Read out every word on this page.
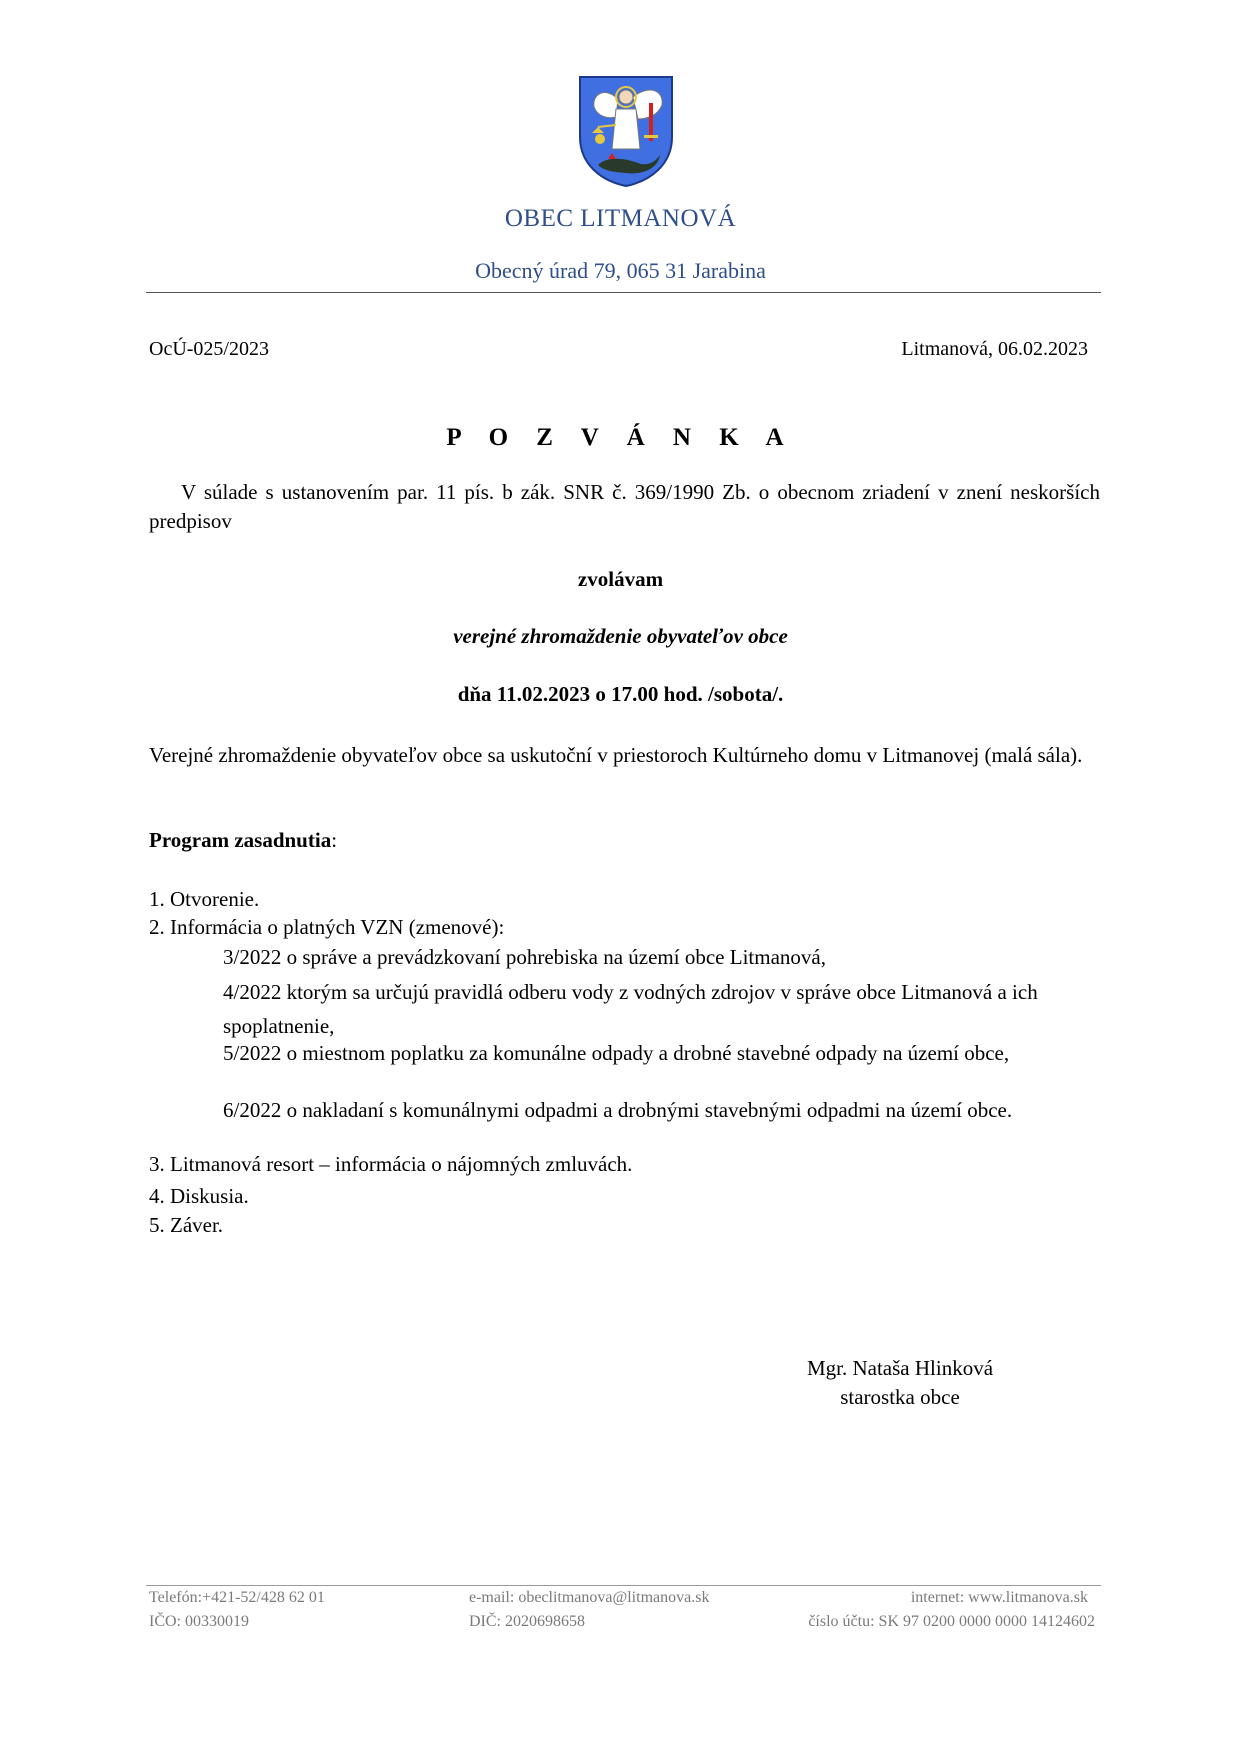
OBEC LITMANOVÁ
Obecný úrad 79, 065 31 Jarabina
OcÚ-025/2023	Litmanová, 06.02.2023
P O Z V Á N K A
V súlade s ustanovením par. 11 pís. b zák. SNR č. 369/1990 Zb. o obecnom zriadení v znení neskorších predpisov
zvolávam
verejné zhromaždenie obyvateľov obce
dňa 11.02.2023 o 17.00 hod. /sobota/.
Verejné zhromaždenie obyvateľov obce sa uskutoční v priestoroch Kultúrneho domu v Litmanovej (malá sála).
Program zasadnutia:
1. Otvorenie.
2. Informácia o platných VZN (zmenové):
3/2022 o správe a prevádzkovaní pohrebiska na území obce Litmanová,
4/2022 ktorým sa určujú pravidlá odberu vody z vodných zdrojov v správe obce Litmanová a ich spoplatnenie,
5/2022 o miestnom poplatku za komunálne odpady a drobné stavebné odpady na území obce,
6/2022 o nakladaní s komunálnymi odpadmi a drobnými stavebnými odpadmi na území obce.
3. Litmanová resort – informácia o nájomných zmluvách.
4. Diskusia.
5. Záver.
Mgr. Nataša Hlinková
starostka obce
Telefón:+421-52/428 62 01	e-mail: obeclitmanova@litmanova.sk	internet: www.litmanova.sk
IČO: 00330019	DIČ: 2020698658	číslo účtu: SK 97 0200 0000 0000 14124602
